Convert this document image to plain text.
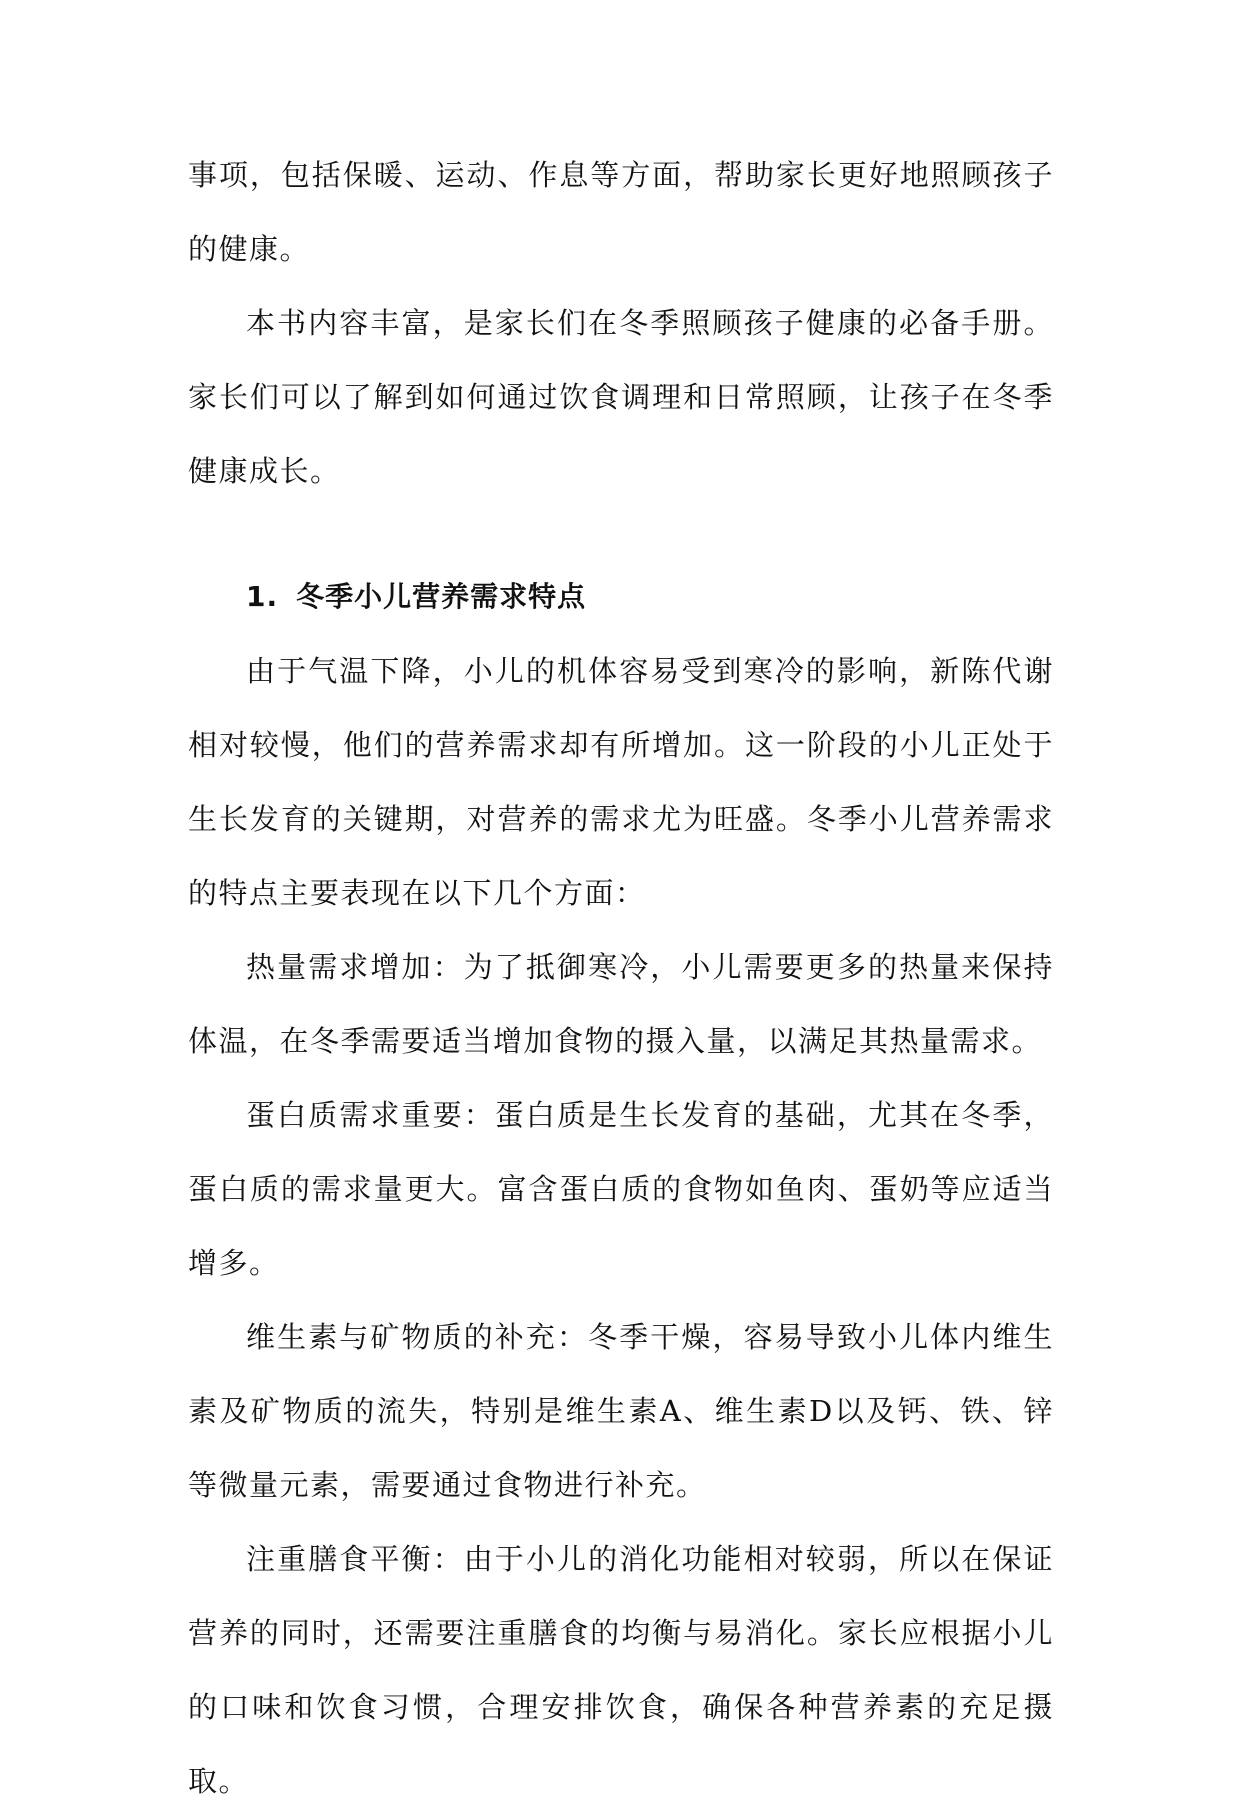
事项，包括保暖、运动、作息等方面，帮助家长更好地照顾孩子的健康。

本书内容丰富，是家长们在冬季照顾孩子健康的必备手册。家长们可以了解到如何通过饮食调理和日常照顾，让孩子在冬季健康成长。

1. 冬季小儿营养需求特点

由于气温下降，小儿的机体容易受到寒冷的影响，新陈代谢相对较慢，他们的营养需求却有所增加。这一阶段的小儿正处于生长发育的关键期，对营养的需求尤为旺盛。冬季小儿营养需求的特点主要表现在以下几个方面：

热量需求增加：为了抵御寒冷，小儿需要更多的热量来保持体温，在冬季需要适当增加食物的摄入量，以满足其热量需求。

蛋白质需求重要：蛋白质是生长发育的基础，尤其在冬季，蛋白质的需求量更大。富含蛋白质的食物如鱼肉、蛋奶等应适当增多。

维生素与矿物质的补充：冬季干燥，容易导致小儿体内维生素及矿物质的流失，特别是维生素A、维生素D以及钙、铁、锌等微量元素，需要通过食物进行补充。

注重膳食平衡：由于小儿的消化功能相对较弱，所以在保证营养的同时，还需要注重膳食的均衡与易消化。家长应根据小儿的口味和饮食习惯，合理安排饮食，确保各种营养素的充足摄取。
